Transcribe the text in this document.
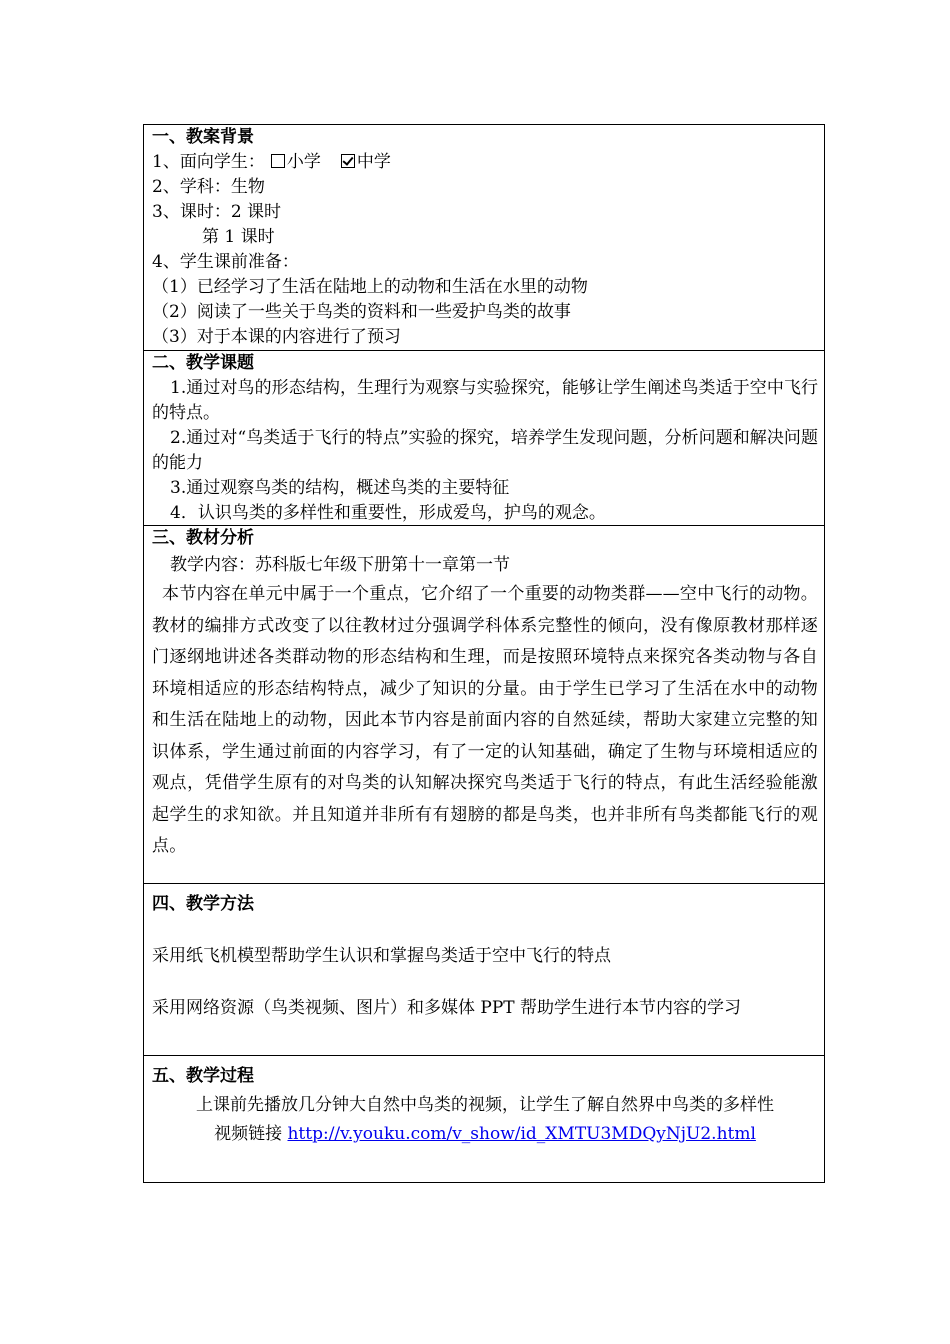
一、教案背景
1、面向学生： 小学 中学
2、学科：生物
3、课时：2 课时
第 1 课时
4、学生课前准备：
（1）已经学习了生活在陆地上的动物和生活在水里的动物
（2）阅读了一些关于鸟类的资料和一些爱护鸟类的故事
（3）对于本课的内容进行了预习
二、教学课题
1.通过对鸟的形态结构，生理行为观察与实验探究，能够让学生阐述鸟类适于空中飞行的特点。
2.通过对“鸟类适于飞行的特点”实验的探究，培养学生发现问题，分析问题和解决问题的能力
3.通过观察鸟类的结构，概述鸟类的主要特征
4．认识鸟类的多样性和重要性，形成爱鸟，护鸟的观念。
三、教材分析
教学内容：苏科版七年级下册第十一章第一节
本节内容在单元中属于一个重点，它介绍了一个重要的动物类群——空中飞行的动物。教材的编排方式改变了以往教材过分强调学科体系完整性的倾向，没有像原教材那样逐门逐纲地讲述各类群动物的形态结构和生理，而是按照环境特点来探究各类动物与各自环境相适应的形态结构特点，减少了知识的分量。由于学生已学习了生活在水中的动物和生活在陆地上的动物，因此本节内容是前面内容的自然延续，帮助大家建立完整的知识体系，学生通过前面的内容学习，有了一定的认知基础，确定了生物与环境相适应的观点，凭借学生原有的对鸟类的认知解决探究鸟类适于飞行的特点，有此生活经验能激起学生的求知欲。并且知道并非所有有翅膀的都是鸟类，也并非所有鸟类都能飞行的观点。
四、教学方法
采用纸飞机模型帮助学生认识和掌握鸟类适于空中飞行的特点
采用网络资源（鸟类视频、图片）和多媒体 PPT 帮助学生进行本节内容的学习
五、教学过程
上课前先播放几分钟大自然中鸟类的视频，让学生了解自然界中鸟类的多样性
视频链接 http://v.youku.com/v_show/id_XMTU3MDQyNjU2.html
